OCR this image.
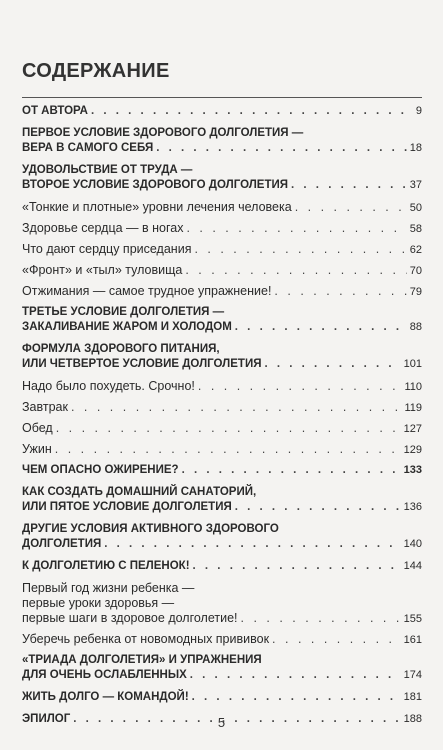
СОДЕРЖАНИЕ
ОТ АВТОРА . . .	9
ПЕРВОЕ УСЛОВИЕ ЗДОРОВОГО ДОЛГОЛЕТИЯ —
ВЕРА В САМОГО СЕБЯ . . .	18
УДОВОЛЬСТВИЕ ОТ ТРУДА —
ВТОРОЕ УСЛОВИЕ ЗДОРОВОГО ДОЛГОЛЕТИЯ . . .	37
«Тонкие и плотные» уровни лечения человека . . .	50
Здоровье сердца — в ногах . . .	58
Что дают сердцу приседания . . .	62
«Фронт» и «тыл» туловища . . .	70
Отжимания — самое трудное упражнение! . . .	79
ТРЕТЬЕ УСЛОВИЕ ДОЛГОЛЕТИЯ —
ЗАКАЛИВАНИЕ ЖАРОМ И ХОЛОДОМ . . .	88
ФОРМУЛА ЗДОРОВОГО ПИТАНИЯ,
ИЛИ ЧЕТВЕРТОЕ УСЛОВИЕ ДОЛГОЛЕТИЯ . . .	101
Надо было похудеть. Срочно! . . .	110
Завтрак . . .	119
Обед . . .	127
Ужин . . .	129
ЧЕМ ОПАСНО ОЖИРЕНИЕ? . . .	133
КАК СОЗДАТЬ ДОМАШНИЙ САНАТОРИЙ,
ИЛИ ПЯТОЕ УСЛОВИЕ ДОЛГОЛЕТИЯ . . .	136
ДРУГИЕ УСЛОВИЯ АКТИВНОГО ЗДОРОВОГО
ДОЛГОЛЕТИЯ . . .	140
К ДОЛГОЛЕТИЮ С ПЕЛЕНОК! . . .	144
Первый год жизни ребенка —
первые уроки здоровья —
первые шаги в здоровое долголетие! . . .	155
Уберечь ребенка от новомодных прививок . . .	161
«ТРИАДА ДОЛГОЛЕТИЯ» И УПРАЖНЕНИЯ
ДЛЯ ОЧЕНЬ ОСЛАБЛЕННЫХ . . .	174
ЖИТЬ ДОЛГО — КОМАНДОЙ! . . .	181
ЭПИЛОГ . . .	188
5
